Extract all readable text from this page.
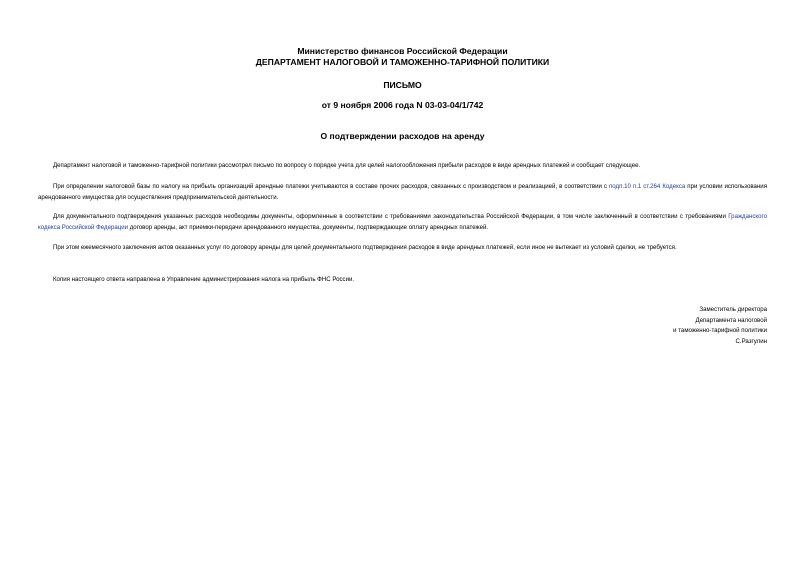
Министерство финансов Российской Федерации
ДЕПАРТАМЕНТ НАЛОГОВОЙ И ТАМОЖЕННО-ТАРИФНОЙ ПОЛИТИКИ
ПИСЬМО
от 9 ноября 2006 года N 03-03-04/1/742
О подтверждении расходов на аренду
Департамент налоговой и таможенно-тарифной политики рассмотрел письмо по вопросу о порядке учета для целей налогообложения прибыли расходов в виде арендных платежей и сообщает следующее.
При определении налоговой базы по налогу на прибыль организаций арендные платежи учитываются в составе прочих расходов, связанных с производством и реализацией, в соответствии с подп.10 п.1 ст.264 Кодекса при условии использования арендованного имущества для осуществления предпринимательской деятельности.
Для документального подтверждения указанных расходов необходимы документы, оформленные в соответствии с требованиями законодательства Российской Федерации, в том числе заключенный в соответствии с требованиями Гражданского кодекса Российской Федерации договор аренды, акт приемки-передачи арендованного имущества, документы, подтверждающие оплату арендных платежей.
При этом ежемесячного заключения актов оказанных услуг по договору аренды для целей документального подтверждения расходов в виде арендных платежей, если иное не вытекает из условий сделки, не требуется.
Копия настоящего ответа направлена в Управление администрирования налога на прибыль ФНС России.
Заместитель директора
Департамента налоговой
и таможенно-тарифной политики
С.Разгулин
